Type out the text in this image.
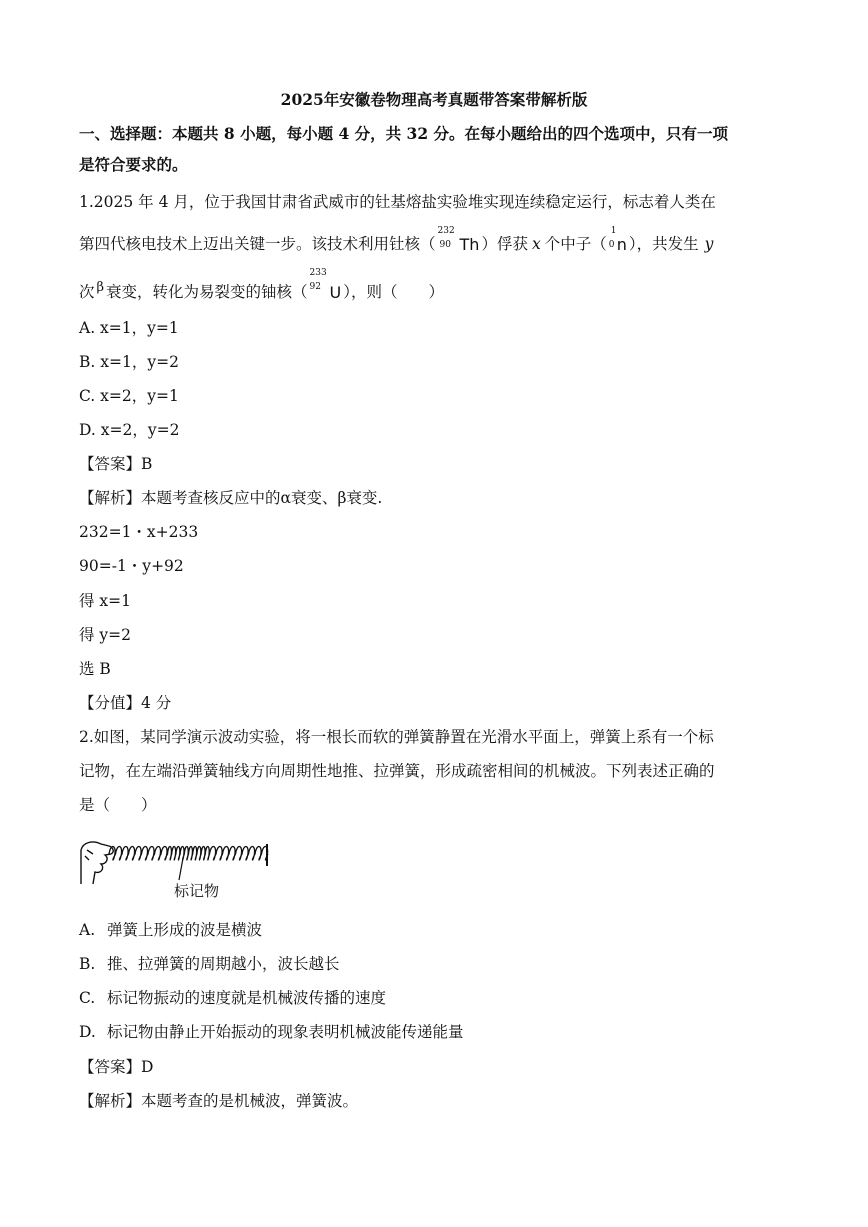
2025年安徽卷物理高考真题带答案带解析版
一、选择题：本题共 8 小题，每小题 4 分，共 32 分。在每小题给出的四个选项中，只有一项
是符合要求的。
1.2025 年 4 月，位于我国甘肃省武威市的钍基熔盐实验堆实现连续稳定运行，标志着人类在
第四代核电技术上迈出关键一步。该技术利用钍核（
232
90 Th ）俘获 x 个中子（
1
0 n ），共发生 y
次 $^\beta$ 衰变，转化为易裂变的铀核（
233
92 U ），则（　　）
A. x=1，y=1
B. x=1，y=2
C. x=2，y=1
D. x=2，y=2
【答案】B
【解析】本题考查核反应中的α衰变、β衰变.
232=1・x+233
90=-1・y+92
得 x=1
得 y=2
选 B
【分值】4 分
2.如图，某同学演示波动实验，将一根长而软的弹簧静置在光滑水平面上，弹簧上系有一个标
记物，在左端沿弹簧轴线方向周期性地推、拉弹簧，形成疏密相间的机械波。下列表述正确的
是（　　）
标记物
A. 弹簧上形成的波是横波
B. 推、拉弹簧的周期越小，波长越长
C. 标记物振动的速度就是机械波传播的速度
D. 标记物由静止开始振动的现象表明机械波能传递能量
【答案】D
【解析】本题考查的是机械波，弹簧波。
